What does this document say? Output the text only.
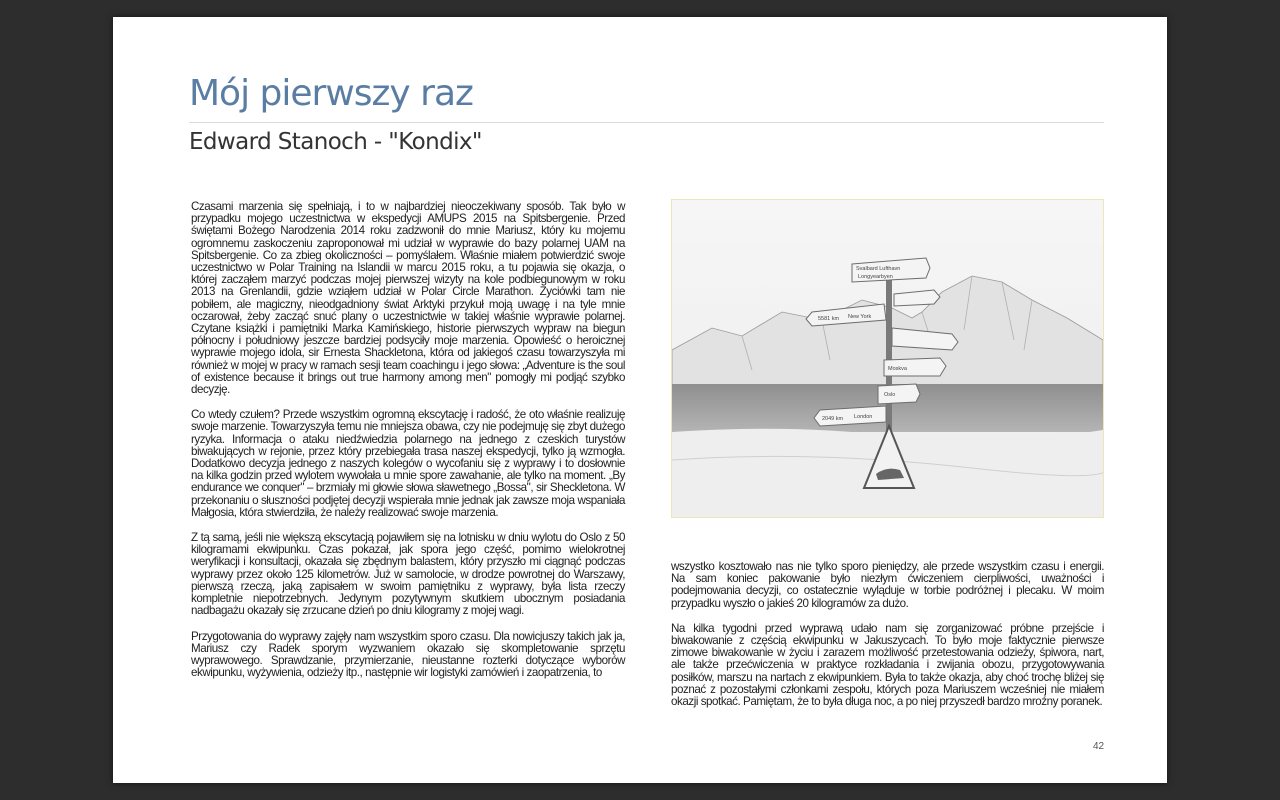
Mój pierwszy raz
Edward Stanoch - "Kondix"

Czasami marzenia się spełniają, i to w najbardziej nieoczekiwany sposób. Tak było w przypadku mojego uczestnictwa w ekspedycji AMUPS 2015 na Spitsbergenie. Przed świętami Bożego Narodzenia 2014 roku zadzwonił do mnie Mariusz, który ku mojemu ogromnemu zaskoczeniu zaproponował mi udział w wyprawie do bazy polarnej UAM na Spitsbergenie. Co za zbieg okoliczności – pomyślałem. Właśnie miałem potwierdzić swoje uczestnictwo w Polar Training na Islandii w marcu 2015 roku, a tu pojawia się okazja, o której zacząłem marzyć podczas mojej pierwszej wizyty na kole podbiegunowym w roku 2013 na Grenlandii, gdzie wziąłem udział w Polar Circle Marathon. Życiówki tam nie pobiłem, ale magiczny, nieodgadniony świat Arktyki przykuł moją uwagę i na tyle mnie oczarował, żeby zacząć snuć plany o uczestnictwie w takiej właśnie wyprawie polarnej. Czytane książki i pamiętniki Marka Kamińskiego, historie pierwszych wypraw na biegun północny i południowy jeszcze bardziej podsyciły moje marzenia. Opowieść o heroicznej wyprawie mojego idola, sir Ernesta Shackletona, która od jakiegoś czasu towarzyszyła mi również w mojej w pracy w ramach sesji team coachingu i jego słowa: „Adventure is the soul of existence because it brings out true harmony among men" pomogły mi podjąć szybko decyzję.

Co wtedy czułem? Przede wszystkim ogromną ekscytację i radość, że oto właśnie realizuję swoje marzenie. Towarzyszyła temu nie mniejsza obawa, czy nie podejmuję się zbyt dużego ryzyka. Informacja o ataku niedźwiedzia polarnego na jednego z czeskich turystów biwakujących w rejonie, przez który przebiegała trasa naszej ekspedycji, tylko ją wzmogła. Dodatkowo decyzja jednego z naszych kolegów o wycofaniu się z wyprawy i to dosłownie na kilka godzin przed wylotem wywołała u mnie spore zawahanie, ale tylko na moment. „By endurance we conquer" – brzmiały mi głowie słowa sławetnego „Bossa", sir Sheckletona. W przekonaniu o słuszności podjętej decyzji wspierała mnie jednak jak zawsze moja wspaniała Małgosia, która stwierdziła, że należy realizować swoje marzenia.

Z tą samą, jeśli nie większą ekscytacją pojawiłem się na lotnisku w dniu wylotu do Oslo z 50 kilogramami ekwipunku. Czas pokazał, jak spora jego część, pomimo wielokrotnej weryfikacji i konsultacji, okazała się zbędnym balastem, który przyszło mi ciągnąć podczas wyprawy przez około 125 kilometrów. Już w samolocie, w drodze powrotnej do Warszawy, pierwszą rzeczą, jaką zapisałem w swoim pamiętniku z wyprawy, była lista rzeczy kompletnie niepotrzebnych. Jedynym pozytywnym skutkiem ubocznym posiadania nadbagażu okazały się zrzucane dzień po dniu kilogramy z mojej wagi.

Przygotowania do wyprawy zajęły nam wszystkim sporo czasu. Dla nowicjuszy takich jak ja, Mariusz czy Radek sporym wyzwaniem okazało się skompletowanie sprzętu wyprawowego. Sprawdzanie, przymierzanie, nieustanne rozterki dotyczące wyborów ekwipunku, wyżywienia, odzieży itp., następnie wir logistyki zamówień i zaopatrzenia, to

Svalbard Lufthavn
Longyearbyen
5581 km New York
Moskva
Oslo
2049 km London

wszystko kosztowało nas nie tylko sporo pieniędzy, ale przede wszystkim czasu i energii. Na sam koniec pakowanie było niezłym ćwiczeniem cierpliwości, uważności i podejmowania decyzji, co ostatecznie wyląduje w torbie podróżnej i plecaku. W moim przypadku wyszło o jakieś 20 kilogramów za dużo.

Na kilka tygodni przed wyprawą udało nam się zorganizować próbne przejście i biwakowanie z częścią ekwipunku w Jakuszycach. To było moje faktycznie pierwsze zimowe biwakowanie w życiu i zarazem możliwość przetestowania odzieży, śpiwora, nart, ale także przećwiczenia w praktyce rozkładania i zwijania obozu, przygotowywania posiłków, marszu na nartach z ekwipunkiem. Była to także okazja, aby choć trochę bliżej się poznać z pozostałymi członkami zespołu, których poza Mariuszem wcześniej nie miałem okazji spotkać. Pamiętam, że to była długa noc, a po niej przyszedł bardzo mroźny poranek.

42
